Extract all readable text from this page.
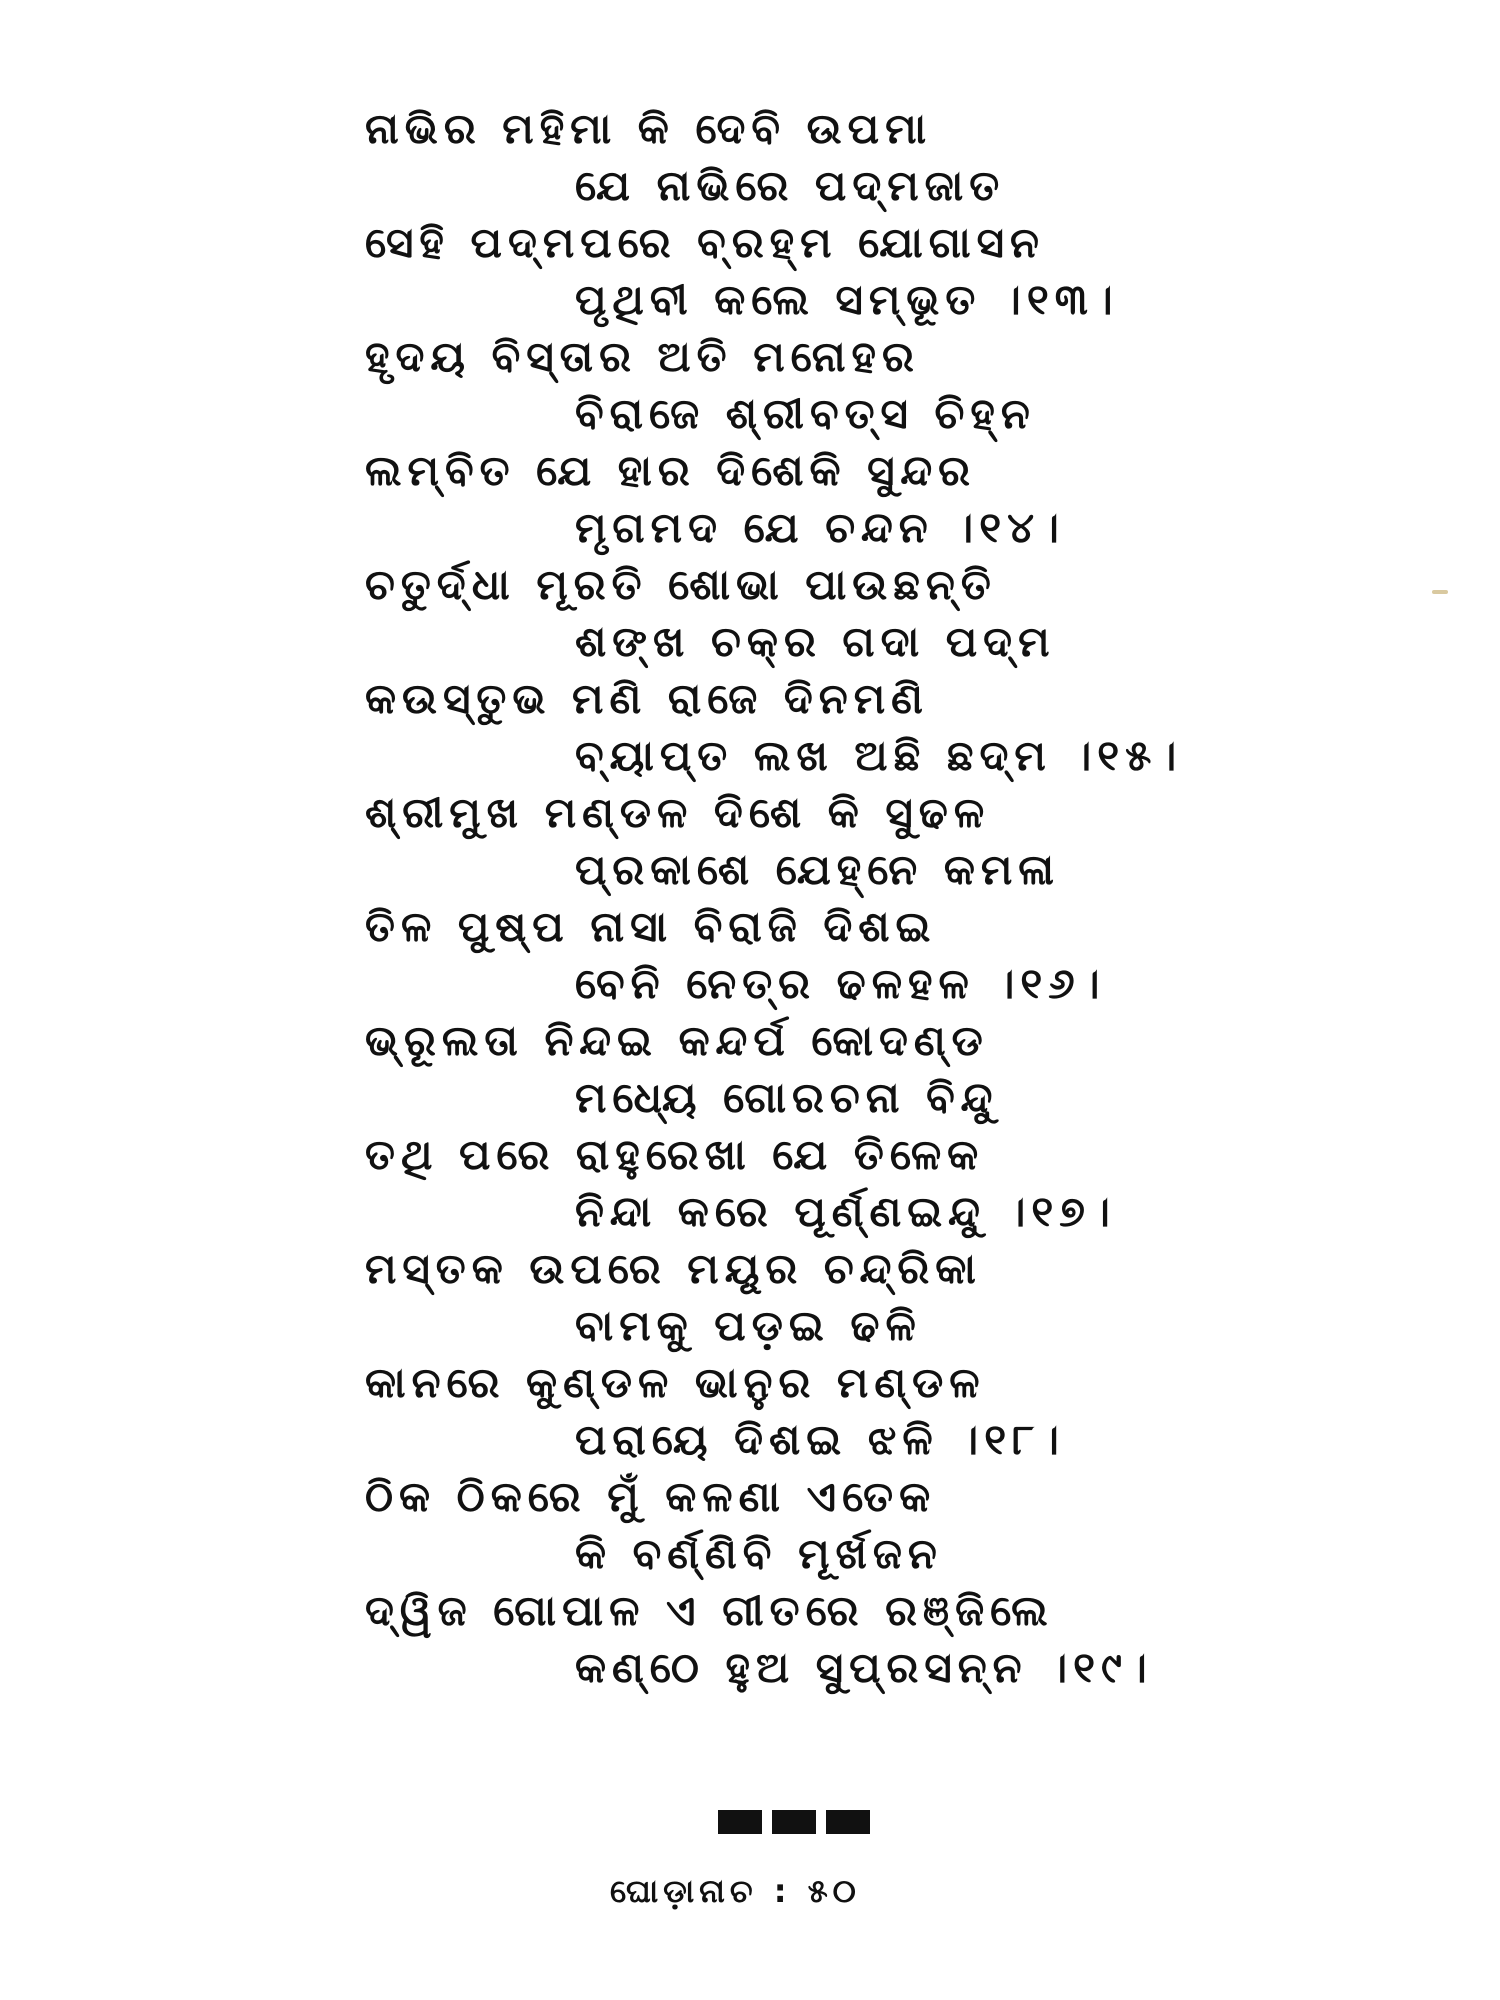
ନାଭିର ମହିମା କି ଦେବି ଉପମା
ଯେ ନାଭିରେ ପଦ୍ମଜାତ
ସେହି ପଦ୍ମପରେ ବ୍ରହ୍ମ ଯୋଗାସନ
ପୃଥିବୀ କଲେ ସମ୍ଭୂତ ।୧୩।
ହୃଦୟ ବିସ୍ତାର ଅତି ମନୋହର
ବିରାଜେ ଶ୍ରୀବତ୍ସ ଚିହ୍ନ
ଲମ୍ବିତ ଯେ ହାର ଦିଶେକି ସୁନ୍ଦର
ମୃଗମଦ ଯେ ଚନ୍ଦନ ।୧୪।
ଚତୁର୍ଦ୍ଧା ମୂରତି ଶୋଭା ପାଉଛନ୍ତି
ଶଙ୍ଖ ଚକ୍ର ଗଦା ପଦ୍ମ
କଉସ୍ତୁଭ ମଣି ରାଜେ ଦିନମଣି
ବ୍ୟାପ୍ତ ଲଖ ଅଛି ଛଦ୍ମ ।୧୫।
ଶ୍ରୀମୁଖ ମଣ୍ଡଳ ଦିଶେ କି ସୁଢଳ
ପ୍ରକାଶେ ଯେହ୍ନେ କମଳା
ତିଳ ପୁଷ୍ପ ନାସା ବିରାଜି ଦିଶଇ
ବେନି ନେତ୍ର ଢଳହଳ ।୧୬।
ଭ୍ରୂଲତା ନିନ୍ଦଇ କନ୍ଦର୍ପ କୋଦଣ୍ଡ
ମଧ୍ୟେ ଗୋରଚନା ବିନ୍ଦୁ
ତଥି ପରେ ରାହୁରେଖା ଯେ ତିଳେକ
ନିନ୍ଦା କରେ ପୂର୍ଣ୍ଣଇନ୍ଦୁ ।୧୭।
ମସ୍ତକ ଉପରେ ମୟୂର ଚନ୍ଦ୍ରିକା
ବାମକୁ ପଡ଼ଇ ଢଳି
କାନରେ କୁଣ୍ଡଳ ଭାନୁର ମଣ୍ଡଳ
ପରାୟେ ଦିଶଇ ଝଳି ।୧୮।
ଠିକ ଠିକରେ ମୁଁ କଳଣା ଏତେକ
କି ବର୍ଣ୍ଣିବି ମୂର୍ଖଜନ
ଦ୍ୱିଜ ଗୋପାଳ ଏ ଗୀତରେ ରଞ୍ଜିଲେ
କଣ୍ଠେ ହୁଅ ସୁପ୍ରସନ୍ନ ।୧୯।
ଘୋଡ଼ାନାଚ : ୫୦
